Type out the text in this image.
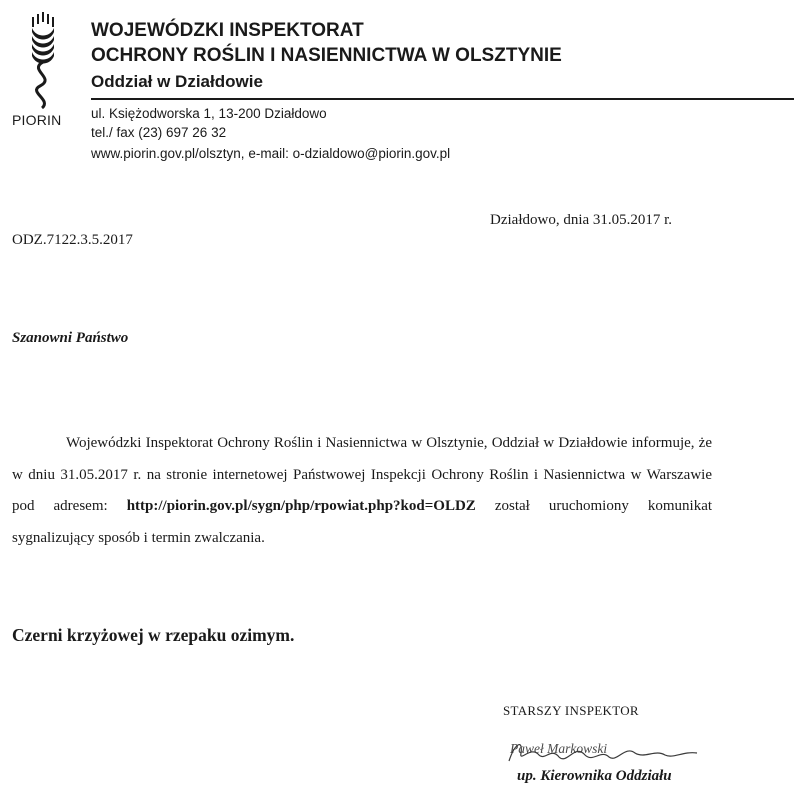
PIORIN
WOJEWÓDZKI INSPEKTORAT
OCHRONY ROŚLIN I NASIENNICTWA W OLSZTYNIE
Oddział w Działdowie
ul. Księżodworska 1, 13-200 Działdowo
tel./ fax (23) 697 26 32
www.piorin.gov.pl/olsztyn, e-mail: o-dzialdowo@piorin.gov.pl
Działdowo, dnia 31.05.2017 r.
ODZ.7122.3.5.2017
Szanowni Państwo
Wojewódzki Inspektorat Ochrony Roślin i Nasiennictwa w Olsztynie, Oddział w Działdowie informuje, że w dniu 31.05.2017 r. na stronie internetowej Państwowej Inspekcji Ochrony Roślin i Nasiennictwa w Warszawie pod adresem: http://piorin.gov.pl/sygn/php/rpowiat.php?kod=OLDZ został uruchomiony komunikat sygnalizujący sposób i termin zwalczania.
Czerni krzyżowej w rzepaku ozimym.
STARSZY INSPEKTOR
Paweł Markowski
up. Kierownika Oddziału
